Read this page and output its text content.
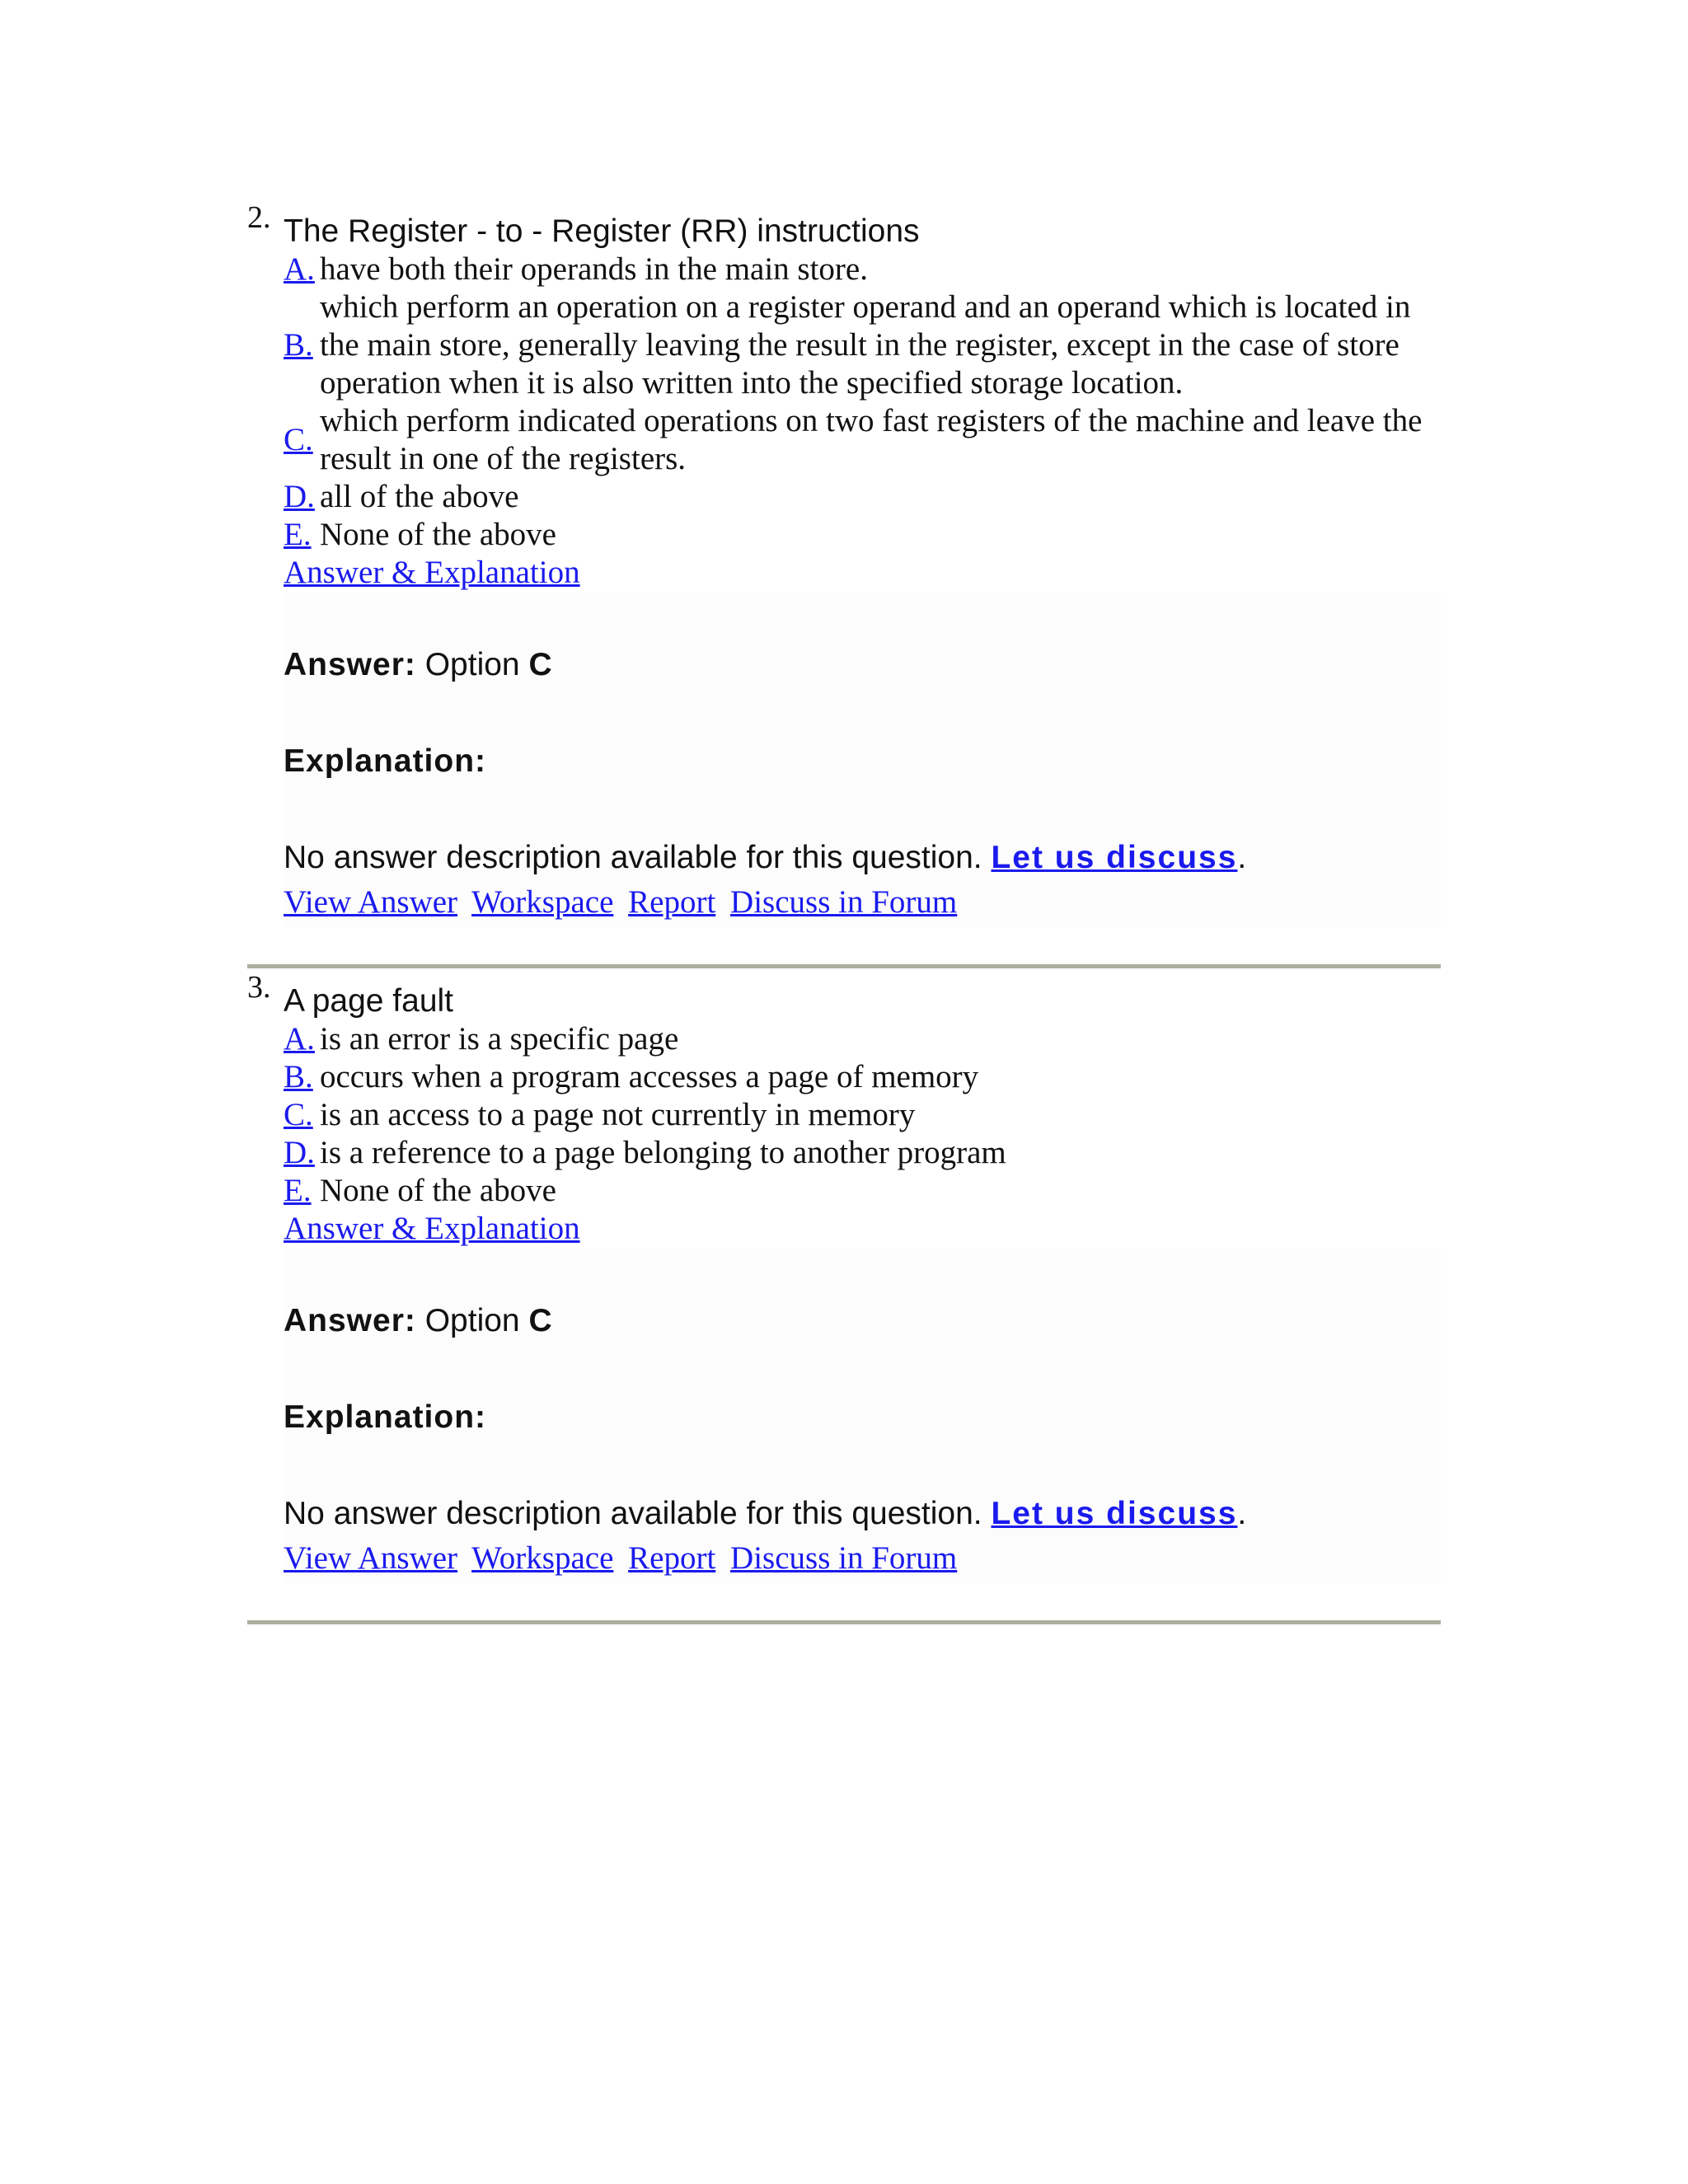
2. The Register - to - Register (RR) instructions
A.	have both their operands in the main store.
B.	which perform an operation on a register operand and an operand which is located in the main store, generally leaving the result in the register, except in the case of store operation when it is also written into the specified storage location.
C.	which perform indicated operations on two fast registers of the machine and leave the result in one of the registers.
D.	all of the above
E.	None of the above
Answer & Explanation
Answer: Option C
Explanation:
No answer description available for this question. Let us discuss.
View Answer Workspace Report Discuss in Forum
3. A page fault
A.	is an error is a specific page
B.	occurs when a program accesses a page of memory
C.	is an access to a page not currently in memory
D.	is a reference to a page belonging to another program
E.	None of the above
Answer & Explanation
Answer: Option C
Explanation:
No answer description available for this question. Let us discuss.
View Answer Workspace Report Discuss in Forum
